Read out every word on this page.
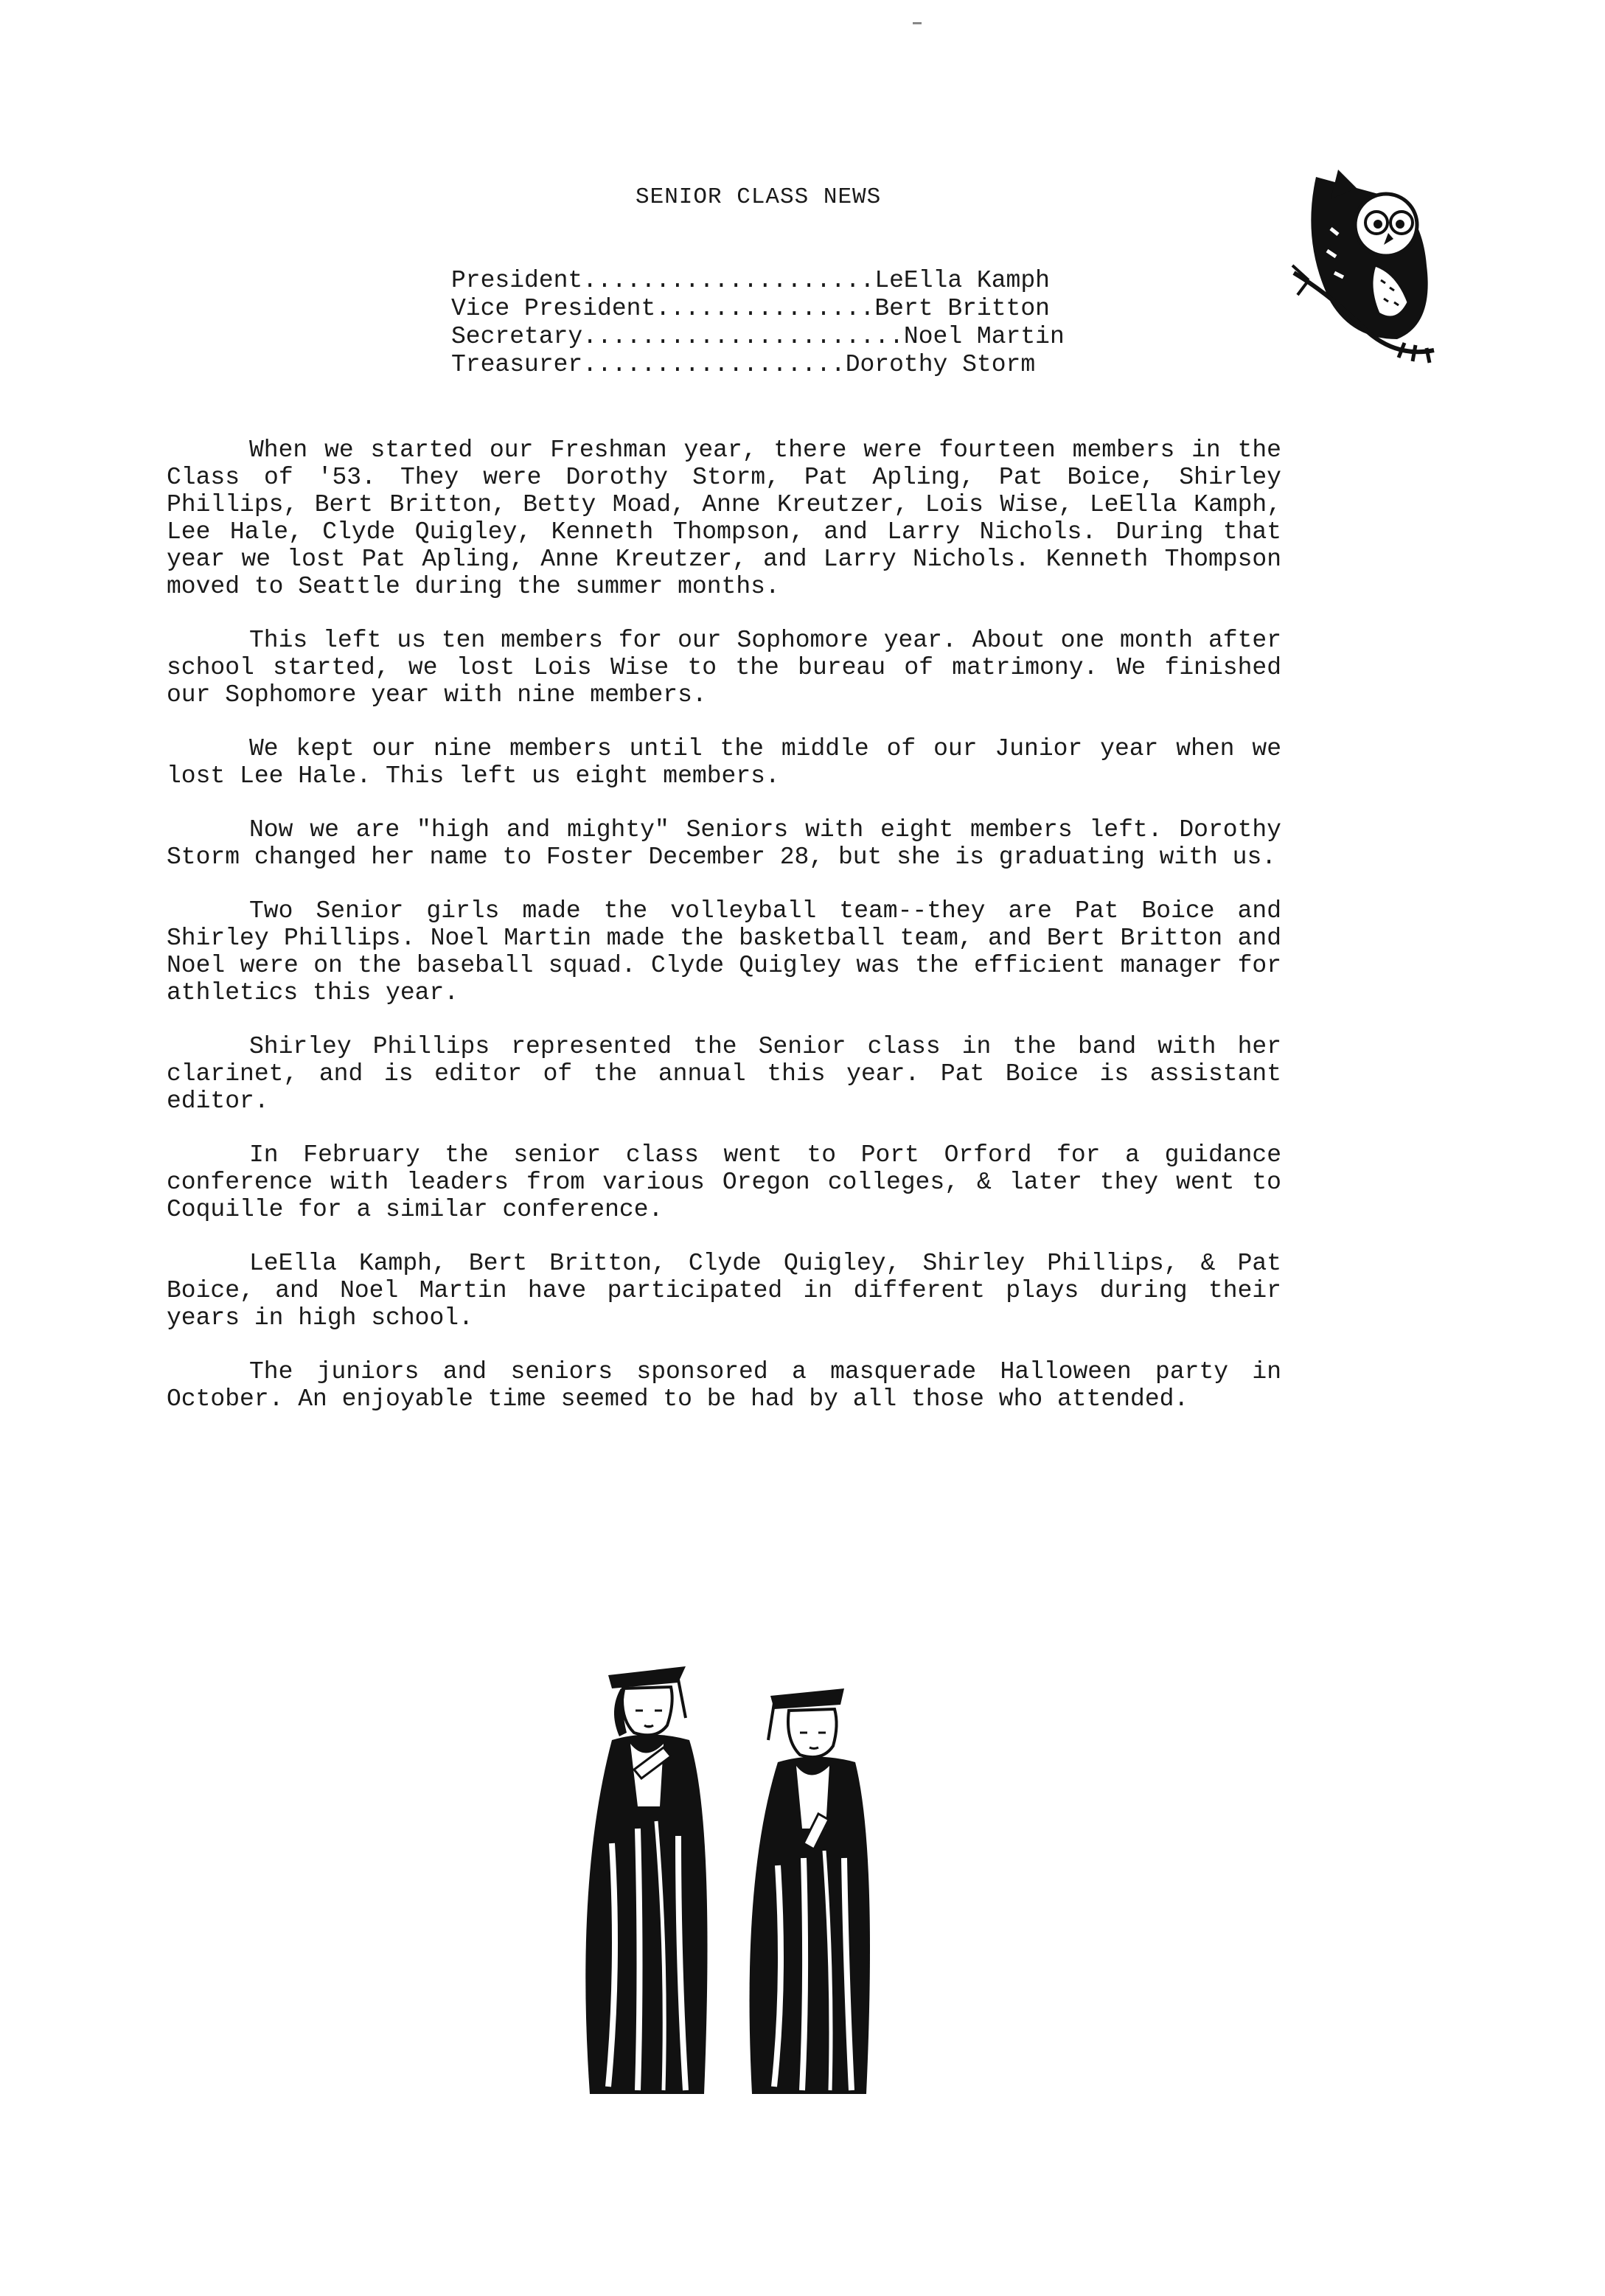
SENIOR CLASS NEWS
President....................LeElla Kamph
Vice President...............Bert Britton
Secretary......................Noel Martin
Treasurer..................Dorothy Storm

When we started our Freshman year, there were fourteen members in the Class of '53. They were Dorothy Storm, Pat Apling, Pat Boice, Shirley Phillips, Bert Britton, Betty Moad, Anne Kreutzer, Lois Wise, LeElla Kamph, Lee Hale, Clyde Quigley, Kenneth Thompson, and Larry Nichols. During that year we lost Pat Apling, Anne Kreutzer, and Larry Nichols. Kenneth Thompson moved to Seattle during the summer months.

This left us ten members for our Sophomore year. About one month after school started, we lost Lois Wise to the bureau of matrimony. We finished our Sophomore year with nine members.

We kept our nine members until the middle of our Junior year when we lost Lee Hale. This left us eight members.

Now we are "high and mighty" Seniors with eight members left. Dorothy Storm changed her name to Foster December 28, but she is graduating with us.

Two Senior girls made the volleyball team--they are Pat Boice and Shirley Phillips. Noel Martin made the basketball team, and Bert Britton and Noel were on the baseball squad. Clyde Quigley was the efficient manager for athletics this year.

Shirley Phillips represented the Senior class in the band with her clarinet, and is editor of the annual this year. Pat Boice is assistant editor.

In February the senior class went to Port Orford for a guidance conference with leaders from various Oregon colleges, & later they went to Coquille for a similar conference.

LeElla Kamph, Bert Britton, Clyde Quigley, Shirley Phillips, & Pat Boice, and Noel Martin have participated in different plays during their years in high school.

The juniors and seniors sponsored a masquerade Halloween party in October. An enjoyable time seemed to be had by all those who attended.
